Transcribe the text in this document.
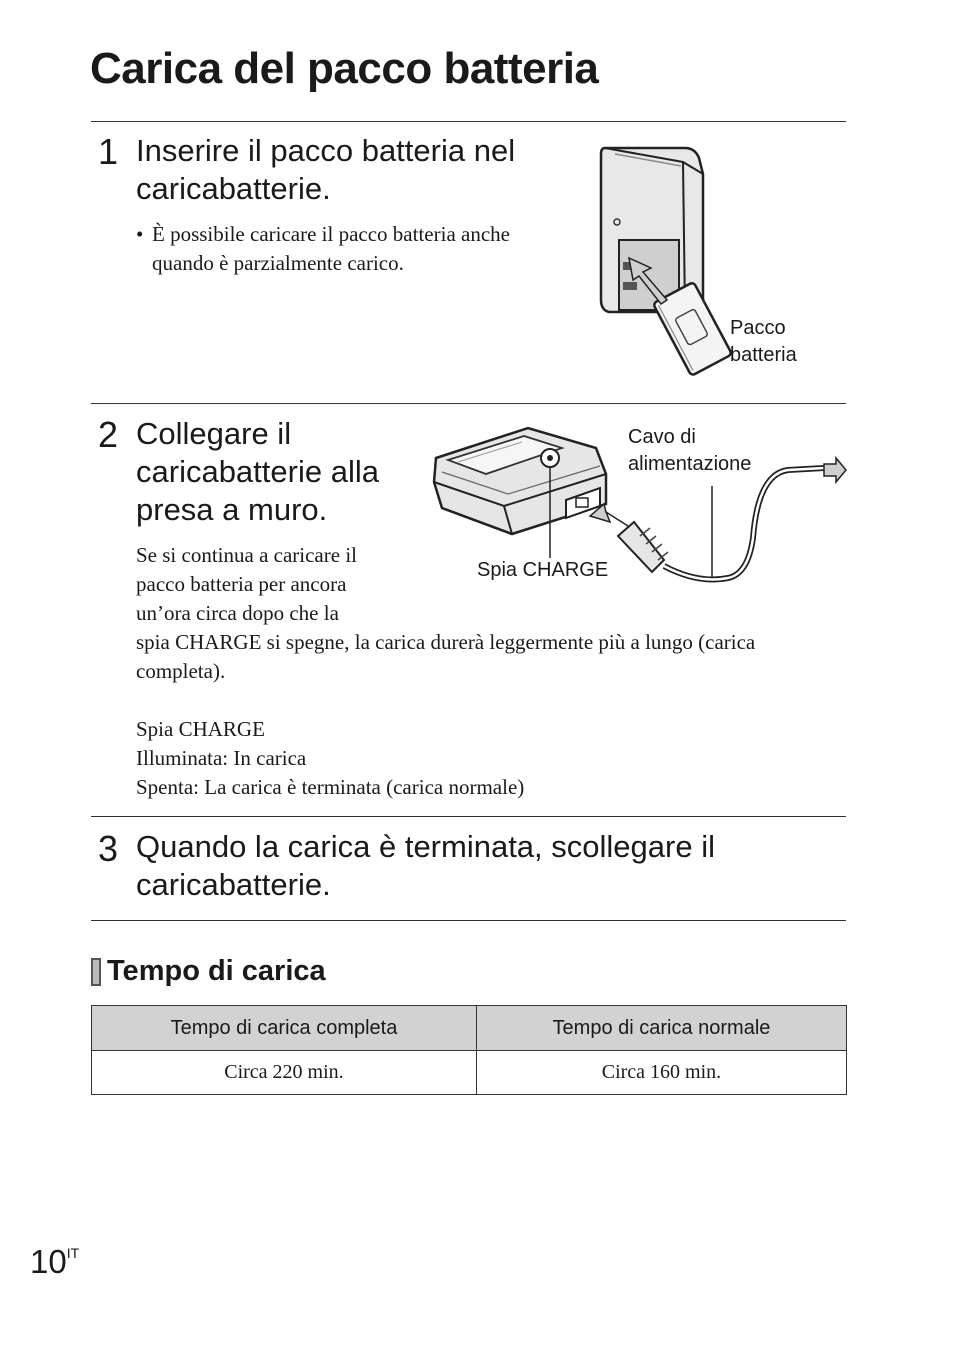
Carica del pacco batteria
1 Inserire il pacco batteria nel
caricabatterie.
• È possibile caricare il pacco batteria anche
quando è parzialmente carico.
Pacco
batteria
2 Collegare il
caricabatterie alla
presa a muro.
Se si continua a caricare il
pacco batteria per ancora
un’ora circa dopo che la
spia CHARGE si spegne, la carica durerà leggermente più a lungo (carica
completa).
Spia CHARGE
Illuminata: In carica
Spenta: La carica è terminata (carica normale)
Cavo di
alimentazione
Spia CHARGE
3 Quando la carica è terminata, scollegare il
caricabatterie.
Tempo di carica
Tempo di carica completa	Tempo di carica normale
Circa 220 min.	Circa 160 min.
$10^{IT}$
